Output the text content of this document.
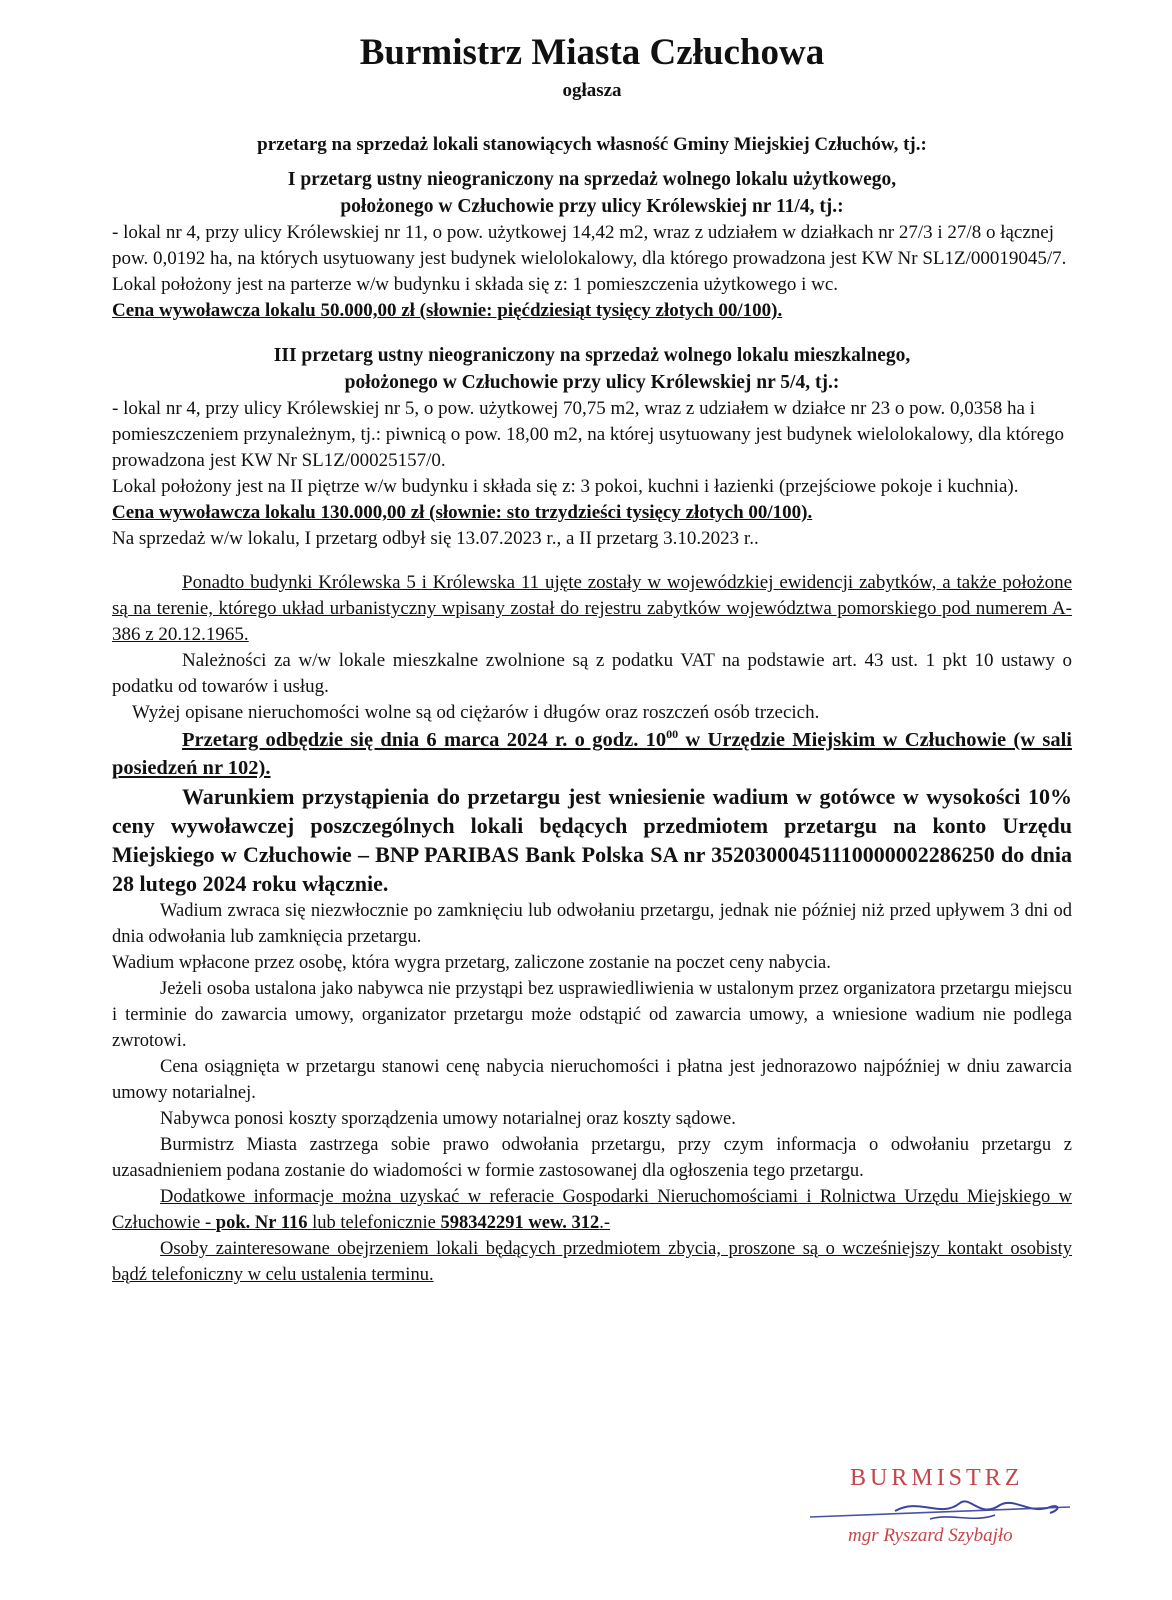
Burmistrz Miasta Człuchowa

ogłasza

przetarg na sprzedaż lokali stanowiących własność Gminy Miejskiej Człuchów, tj.:

I przetarg ustny nieograniczony na sprzedaż wolnego lokalu użytkowego,

położonego w Człuchowie przy ulicy Królewskiej nr 11/4, tj.:

- lokal nr 4, przy ulicy Królewskiej nr 11, o pow. użytkowej 14,42 m2, wraz z udziałem w działkach nr 27/3 i 27/8 o łącznej pow. 0,0192 ha, na których usytuowany jest budynek wielolokalowy, dla którego prowadzona jest KW Nr SL1Z/00019045/7.

Lokal położony jest na parterze w/w budynku i składa się z: 1 pomieszczenia użytkowego i wc.

Cena wywoławcza lokalu 50.000,00 zł (słownie: pięćdziesiąt tysięcy złotych 00/100).

III przetarg ustny nieograniczony na sprzedaż wolnego lokalu mieszkalnego,

położonego w Człuchowie przy ulicy Królewskiej nr 5/4, tj.:

- lokal nr 4, przy ulicy Królewskiej nr 5, o pow. użytkowej 70,75 m2, wraz z udziałem w działce nr 23 o pow. 0,0358 ha i pomieszczeniem przynależnym, tj.: piwnicą o pow. 18,00 m2, na której usytuowany jest budynek wielolokalowy, dla którego prowadzona jest KW Nr SL1Z/00025157/0.

Lokal położony jest na II piętrze w/w budynku i składa się z: 3 pokoi, kuchni i łazienki (przejściowe pokoje i kuchnia).

Cena wywoławcza lokalu 130.000,00 zł (słownie: sto trzydzieści tysięcy złotych 00/100).

Na sprzedaż w/w lokalu, I przetarg odbył się 13.07.2023 r., a II przetarg 3.10.2023 r..

Ponadto budynki Królewska 5 i Królewska 11 ujęte zostały w wojewódzkiej ewidencji zabytków, a także położone są na terenie, którego układ urbanistyczny wpisany został do rejestru zabytków województwa pomorskiego pod numerem A-386 z 20.12.1965.

Należności za w/w lokale mieszkalne zwolnione są z podatku VAT na podstawie art. 43 ust. 1 pkt 10 ustawy o podatku od towarów i usług.

Wyżej opisane nieruchomości wolne są od ciężarów i długów oraz roszczeń osób trzecich.

Przetarg odbędzie się dnia 6 marca 2024 r. o godz. $10^{00}$ w Urzędzie Miejskim w Człuchowie (w sali posiedzeń nr 102).

Warunkiem przystąpienia do przetargu jest wniesienie wadium w gotówce w wysokości 10% ceny wywoławczej poszczególnych lokali będących przedmiotem przetargu na konto Urzędu Miejskiego w Człuchowie – BNP PARIBAS Bank Polska SA nr 35203000451110000002286250 do dnia 28 lutego 2024 roku włącznie.

Wadium zwraca się niezwłocznie po zamknięciu lub odwołaniu przetargu, jednak nie później niż przed upływem 3 dni od dnia odwołania lub zamknięcia przetargu.

Wadium wpłacone przez osobę, która wygra przetarg, zaliczone zostanie na poczet ceny nabycia.

Jeżeli osoba ustalona jako nabywca nie przystąpi bez usprawiedliwienia w ustalonym przez organizatora przetargu miejscu i terminie do zawarcia umowy, organizator przetargu może odstąpić od zawarcia umowy, a wniesione wadium nie podlega zwrotowi.

Cena osiągnięta w przetargu stanowi cenę nabycia nieruchomości i płatna jest jednorazowo najpóźniej w dniu zawarcia umowy notarialnej.

Nabywca ponosi koszty sporządzenia umowy notarialnej oraz koszty sądowe.

Burmistrz Miasta zastrzega sobie prawo odwołania przetargu, przy czym informacja o odwołaniu przetargu z uzasadnieniem podana zostanie do wiadomości w formie zastosowanej dla ogłoszenia tego przetargu.

Dodatkowe informacje można uzyskać w referacie Gospodarki Nieruchomościami i Rolnictwa Urzędu Miejskiego w Człuchowie - pok. Nr 116 lub telefonicznie 598342291 wew. 312.-

Osoby zainteresowane obejrzeniem lokali będących przedmiotem zbycia, proszone są o wcześniejszy kontakt osobisty bądź telefoniczny w celu ustalenia terminu.

BURMISTRZ
mgr Ryszard Szybajło
